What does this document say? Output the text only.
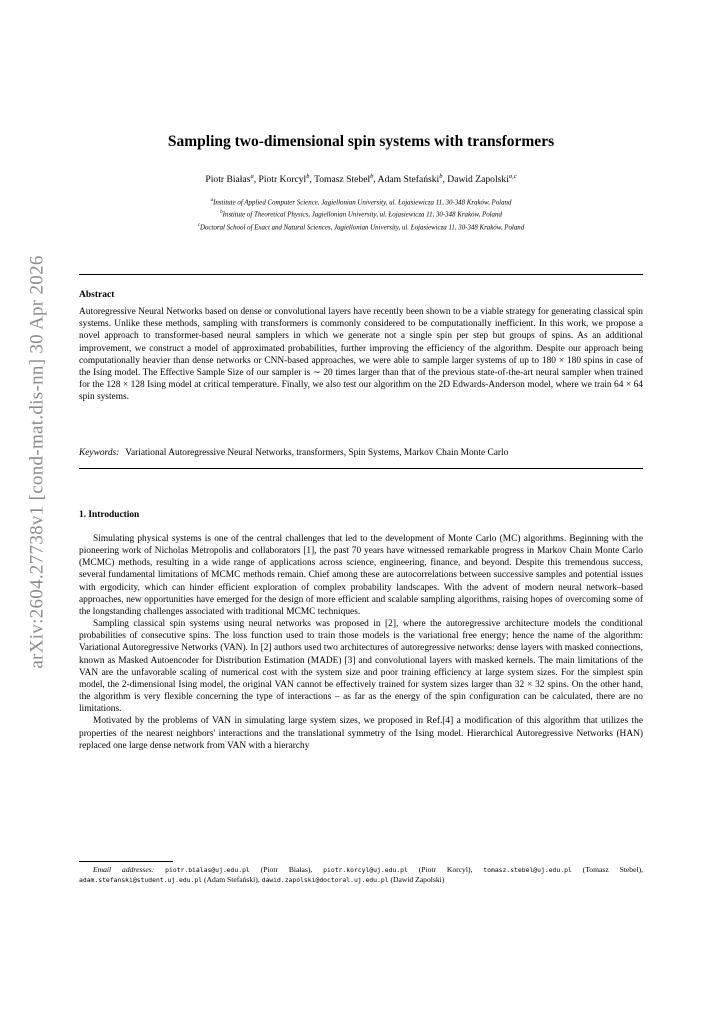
arXiv:2604.27738v1 [cond-mat.dis-nn] 30 Apr 2026
Sampling two-dimensional spin systems with transformers
Piotr Białas$^a$, Piotr Korcyl$^b$, Tomasz Stebel$^b$, Adam Stefański$^b$, Dawid Zapolski$^{a,c}$
$^a$Institute of Applied Computer Science, Jagiellonian University, ul. Łojasiewicza 11, 30-348 Kraków, Poland
$^b$Institute of Theoretical Physics, Jagiellonian University, ul. Łojasiewicza 11, 30-348 Kraków, Poland
$^c$Doctoral School of Exact and Natural Sciences, Jagiellonian University, ul. Łojasiewicza 11, 30-348 Kraków, Poland
Abstract

Autoregressive Neural Networks based on dense or convolutional layers have recently been shown to be a viable strategy for generating classical spin systems. Unlike these methods, sampling with transformers is commonly considered to be computationally inefficient. In this work, we propose a novel approach to transformer-based neural samplers in which we generate not a single spin per step but groups of spins. As an additional improvement, we construct a model of approximated probabilities, further improving the efficiency of the algorithm. Despite our approach being computationally heavier than dense networks or CNN-based approaches, we were able to sample larger systems of up to 180 × 180 spins in case of the Ising model. The Effective Sample Size of our sampler is ∼ 20 times larger than that of the previous state-of-the-art neural sampler when trained for the 128 × 128 Ising model at critical temperature. Finally, we also test our algorithm on the 2D Edwards-Anderson model, where we train 64 × 64 spin systems.

Keywords: Variational Autoregressive Neural Networks, transformers, Spin Systems, Markov Chain Monte Carlo
1. Introduction

Simulating physical systems is one of the central challenges that led to the development of Monte Carlo (MC) algorithms. Beginning with the pioneering work of Nicholas Metropolis and collaborators [1], the past 70 years have witnessed remarkable progress in Markov Chain Monte Carlo (MCMC) methods, resulting in a wide range of applications across science, engineering, finance, and beyond. Despite this tremendous success, several fundamental limitations of MCMC methods remain. Chief among these are autocorrelations between successive samples and potential issues with ergodicity, which can hinder efficient exploration of complex probability landscapes. With the advent of modern neural network–based approaches, new opportunities have emerged for the design of more efficient and scalable sampling algorithms, raising hopes of overcoming some of the longstanding challenges associated with traditional MCMC techniques.

Sampling classical spin systems using neural networks was proposed in [2], where the autoregressive architecture models the conditional probabilities of consecutive spins. The loss function used to train those models is the variational free energy; hence the name of the algorithm: Variational Autoregressive Networks (VAN). In [2] authors used two architectures of autoregressive networks: dense layers with masked connections, known as Masked Autoencoder for Distribution Estimation (MADE) [3] and convolutional layers with masked kernels. The main limitations of the VAN are the unfavorable scaling of numerical cost with the system size and poor training efficiency at large system sizes. For the simplest spin model, the 2-dimensional Ising model, the original VAN cannot be effectively trained for system sizes larger than 32 × 32 spins. On the other hand, the algorithm is very flexible concerning the type of interactions – as far as the energy of the spin configuration can be calculated, there are no limitations.

Motivated by the problems of VAN in simulating large system sizes, we proposed in Ref.[4] a modification of this algorithm that utilizes the properties of the nearest neighbors' interactions and the translational symmetry of the Ising model. Hierarchical Autoregressive Networks (HAN) replaced one large dense network from VAN with a hierarchy

Email addresses: piotr.bialas@uj.edu.pl (Piotr Białas), piotr.korcyl@uj.edu.pl (Piotr Korcyl), tomasz.stebel@uj.edu.pl (Tomasz Stebel), adam.stefanski@student.uj.edu.pl (Adam Stefański), dawid.zapolski@doctoral.uj.edu.pl (Dawid Zapolski)
